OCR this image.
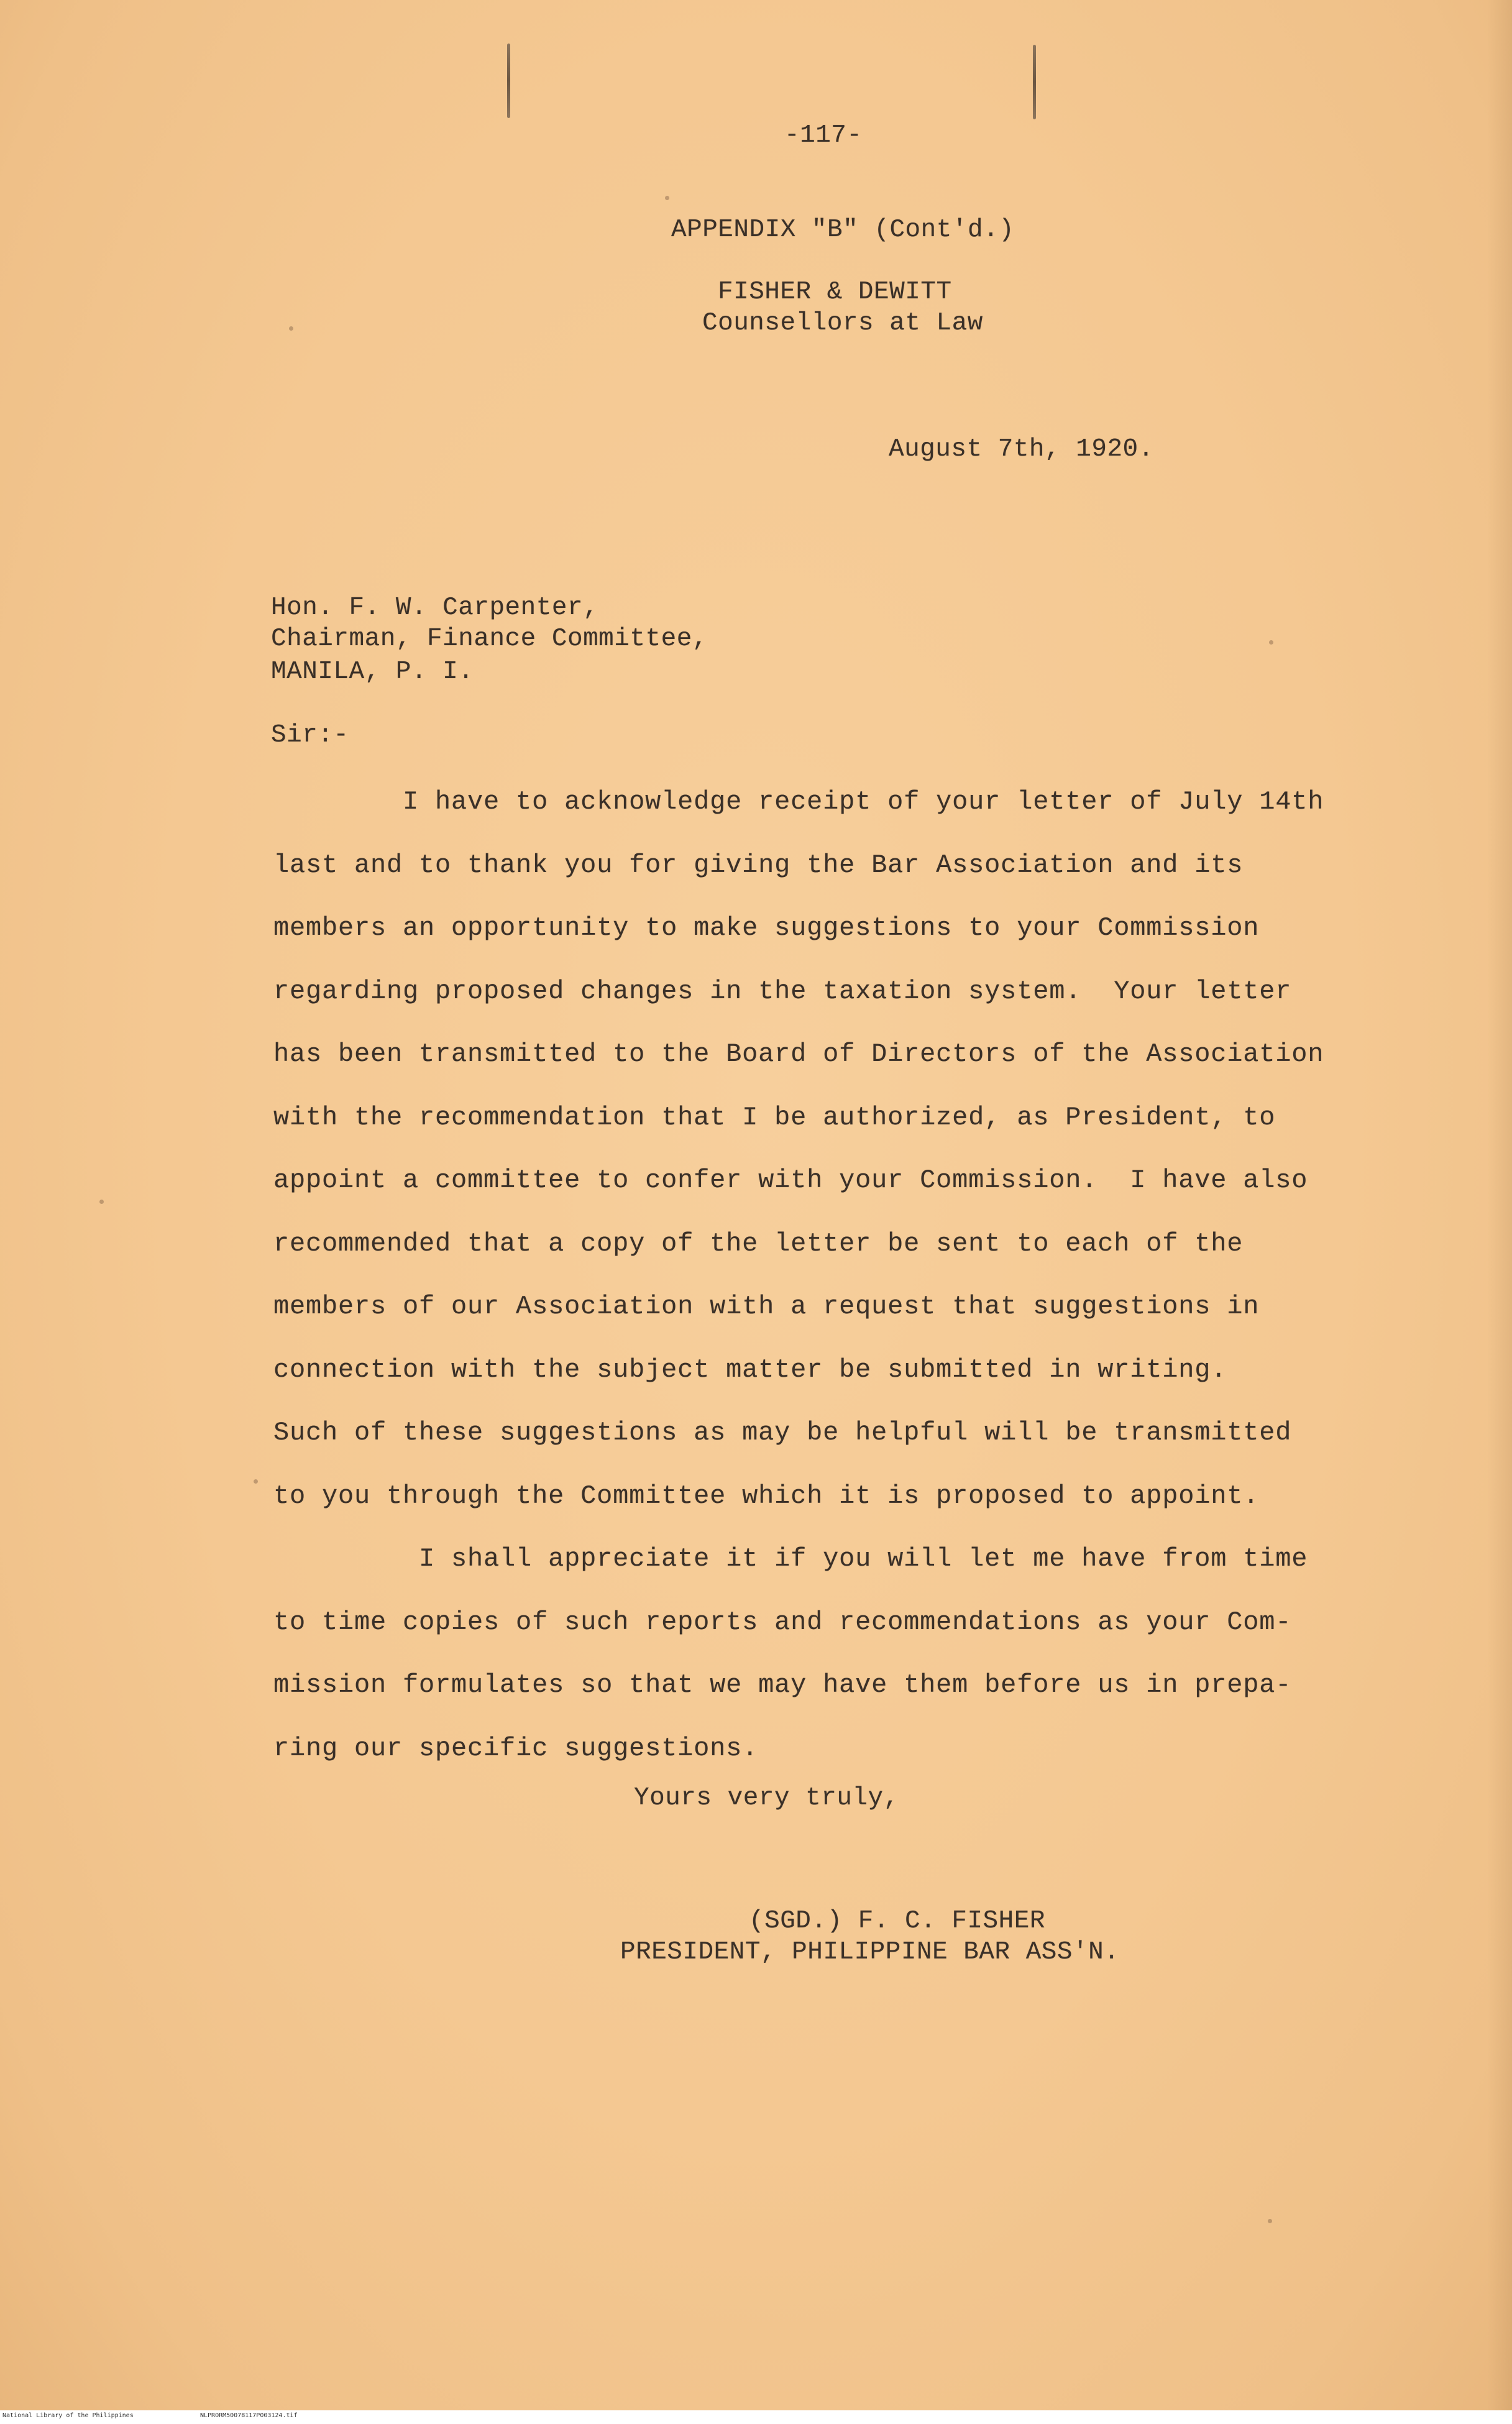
-117-
APPENDIX "B" (Cont'd.)
FISHER & DEWITT
Counsellors at Law
August 7th, 1920.
Hon. F. W. Carpenter,
Chairman, Finance Committee,
MANILA, P. I.
Sir:-
I have to acknowledge receipt of your letter of July 14th
last and to thank you for giving the Bar Association and its
members an opportunity to make suggestions to your Commission
regarding proposed changes in the taxation system.  Your letter
has been transmitted to the Board of Directors of the Association
with the recommendation that I be authorized, as President, to
appoint a committee to confer with your Commission.  I have also
recommended that a copy of the letter be sent to each of the
members of our Association with a request that suggestions in
connection with the subject matter be submitted in writing.
Such of these suggestions as may be helpful will be transmitted
to you through the Committee which it is proposed to appoint.
I shall appreciate it if you will let me have from time
to time copies of such reports and recommendations as your Com-
mission formulates so that we may have them before us in prepa-
ring our specific suggestions.
Yours very truly,
(SGD.) F. C. FISHER
PRESIDENT, PHILIPPINE BAR ASS'N.
National Library of the Philippines	NLPRORM50078117P003124.tif
